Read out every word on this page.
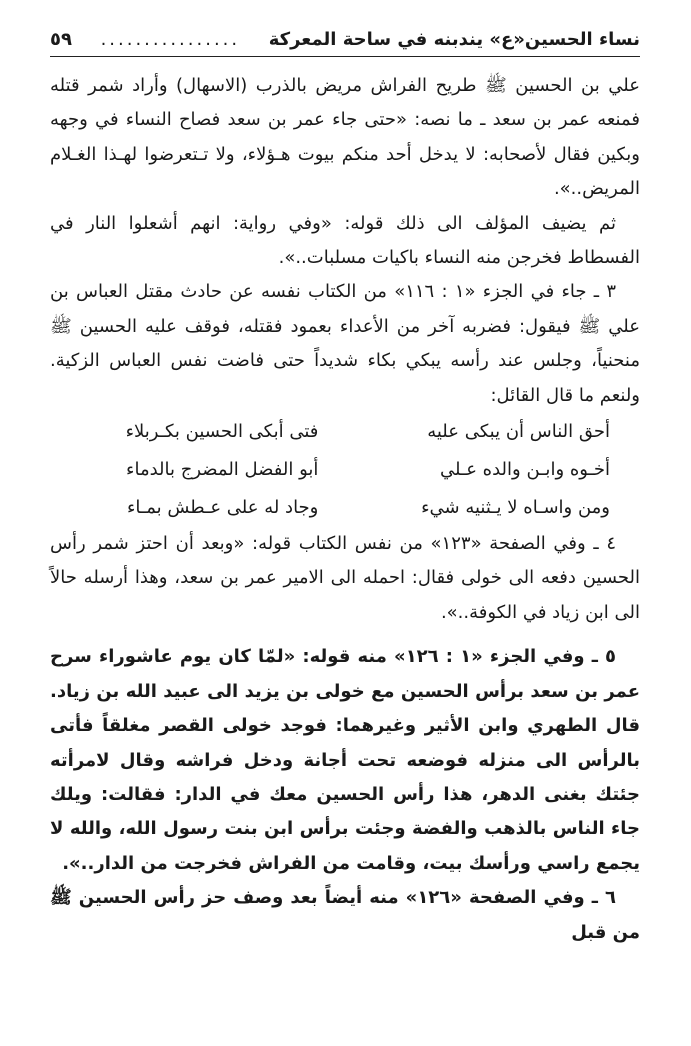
نساء الحسين«ع» يندبنه في ساحة المعركة
................
٥٩

علي بن الحسين ﷺ طريح الفراش مريض بالذرب (الاسهال) وأراد شمر قتله فمنعه عمر بن سعد ـ ما نصه: «حتى جاء عمر بن سعد فصاح النساء في وجهه وبكين فقال لأصحابه: لا يدخل أحد منكم بيوت هـؤلاء، ولا تـتعرضوا لهـذا الغـلام المريض..».

ثم يضيف المؤلف الى ذلك قوله: «وفي رواية: انهم أشعلوا النار في الفسطاط فخرجن منه النساء باكيات مسلبات..».

٣ ـ جاء في الجزء «١ : ١١٦» من الكتاب نفسه عن حادث مقتل العباس بن علي ﷺ فيقول: فضربه آخر من الأعداء بعمود فقتله، فوقف عليه الحسين ﷺ منحنياً، وجلس عند رأسه يبكي بكاء شديداً حتى فاضت نفس العباس الزكية. ولنعم ما قال القائل:

أحق الناس أن يبكى عليه
فتى أبكى الحسين بكـربلاء
أخـوه وابـن والده عـلي
أبو الفضل المضرج بالدماء
ومن واسـاه لا يـثنيه شيء
وجاد له على عـطش بمـاء

٤ ـ وفي الصفحة «١٢٣» من نفس الكتاب قوله: «وبعد أن احتز شمر رأس الحسين دفعه الى خولى فقال: احمله الى الامير عمر بن سعد، وهذا أرسله حالاً الى ابن زياد في الكوفة..».

٥ ـ وفي الجزء «١ : ١٢٦» منه قوله: «لمّا كان يوم عاشوراء سرح عمر بن سعد برأس الحسين مع خولى بن يزيد الى عبيد الله بن زياد. قال الطهري وابن الأثير وغيرهما: فوجد خولى القصر مغلقاً فأتى بالرأس الى منزله فوضعه تحت أجانة ودخل فراشه وقال لامرأته جئتك بغنى الدهر، هذا رأس الحسين معك في الدار: فقالت: ويلك جاء الناس بالذهب والفضة وجئت برأس ابن بنت رسول الله، والله لا يجمع راسي ورأسك بيت، وقامت من الفراش فخرجت من الدار..».

٦ ـ وفي الصفحة «١٢٦» منه أيضاً بعد وصف حز رأس الحسين ﷺ من قبل
